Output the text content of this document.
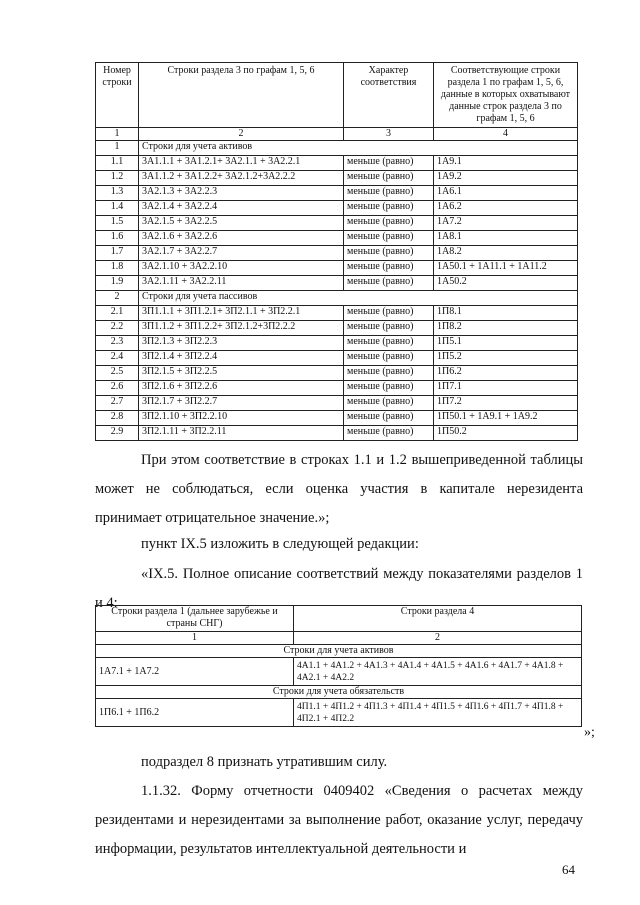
Номер строки	Строки раздела 3 по графам 1, 5, 6	Характер соответствия	Соответствующие строки раздела 1 по графам 1, 5, 6, данные в которых охватывают данные строк раздела 3 по графам 1, 5, 6
1	2	3	4
1	Строки для учета активов		
1.1	3A1.1.1 + 3A1.2.1+ 3A2.1.1 + 3A2.2.1	меньше (равно)	1A9.1
1.2	3A1.1.2 + 3A1.2.2+ 3A2.1.2+3A2.2.2	меньше (равно)	1A9.2
1.3	3A2.1.3 + 3A2.2.3	меньше (равно)	1A6.1
1.4	3A2.1.4 + 3A2.2.4	меньше (равно)	1A6.2
1.5	3A2.1.5 + 3A2.2.5	меньше (равно)	1A7.2
1.6	3A2.1.6 + 3A2.2.6	меньше (равно)	1A8.1
1.7	3A2.1.7 + 3A2.2.7	меньше (равно)	1A8.2
1.8	3A2.1.10 + 3A2.2.10	меньше (равно)	1A50.1 + 1A11.1 + 1A11.2
1.9	3A2.1.11 + 3A2.2.11	меньше (равно)	1A50.2
2	Строки для учета пассивов		
2.1	3П1.1.1 + 3П1.2.1+ 3П2.1.1 + 3П2.2.1	меньше (равно)	1П8.1
2.2	3П1.1.2 + 3П1.2.2+ 3П2.1.2+3П2.2.2	меньше (равно)	1П8.2
2.3	3П2.1.3 + 3П2.2.3	меньше (равно)	1П5.1
2.4	3П2.1.4 + 3П2.2.4	меньше (равно)	1П5.2
2.5	3П2.1.5 + 3П2.2.5	меньше (равно)	1П6.2
2.6	3П2.1.6 + 3П2.2.6	меньше (равно)	1П7.1
2.7	3П2.1.7 + 3П2.2.7	меньше (равно)	1П7.2
2.8	3П2.1.10 + 3П2.2.10	меньше (равно)	1П50.1 + 1A9.1 + 1A9.2
2.9	3П2.1.11 + 3П2.2.11	меньше (равно)	1П50.2

При этом соответствие в строках 1.1 и 1.2 вышеприведенной таблицы может не соблюдаться, если оценка участия в капитале нерезидента принимает отрицательное значение.»;

пункт IX.5 изложить в следующей редакции:

«IX.5. Полное описание соответствий между показателями разделов 1 и 4:

Строки раздела 1 (дальнее зарубежье и страны СНГ)	Строки раздела 4
1	2
Строки для учета активов	
1A7.1 + 1A7.2	4A1.1 + 4A1.2 + 4A1.3 + 4A1.4 + 4A1.5 + 4A1.6 + 4A1.7 + 4A1.8 + 4A2.1 + 4A2.2
Строки для учета обязательств	
1П6.1 + 1П6.2	4П1.1 + 4П1.2 + 4П1.3 + 4П1.4 + 4П1.5 + 4П1.6 + 4П1.7 + 4П1.8 + 4П2.1 + 4П2.2
»;

подраздел 8 признать утратившим силу.

1.1.32. Форму отчетности 0409402 «Сведения о расчетах между резидентами и нерезидентами за выполнение работ, оказание услуг, передачу информации, результатов интеллектуальной деятельности и

64
